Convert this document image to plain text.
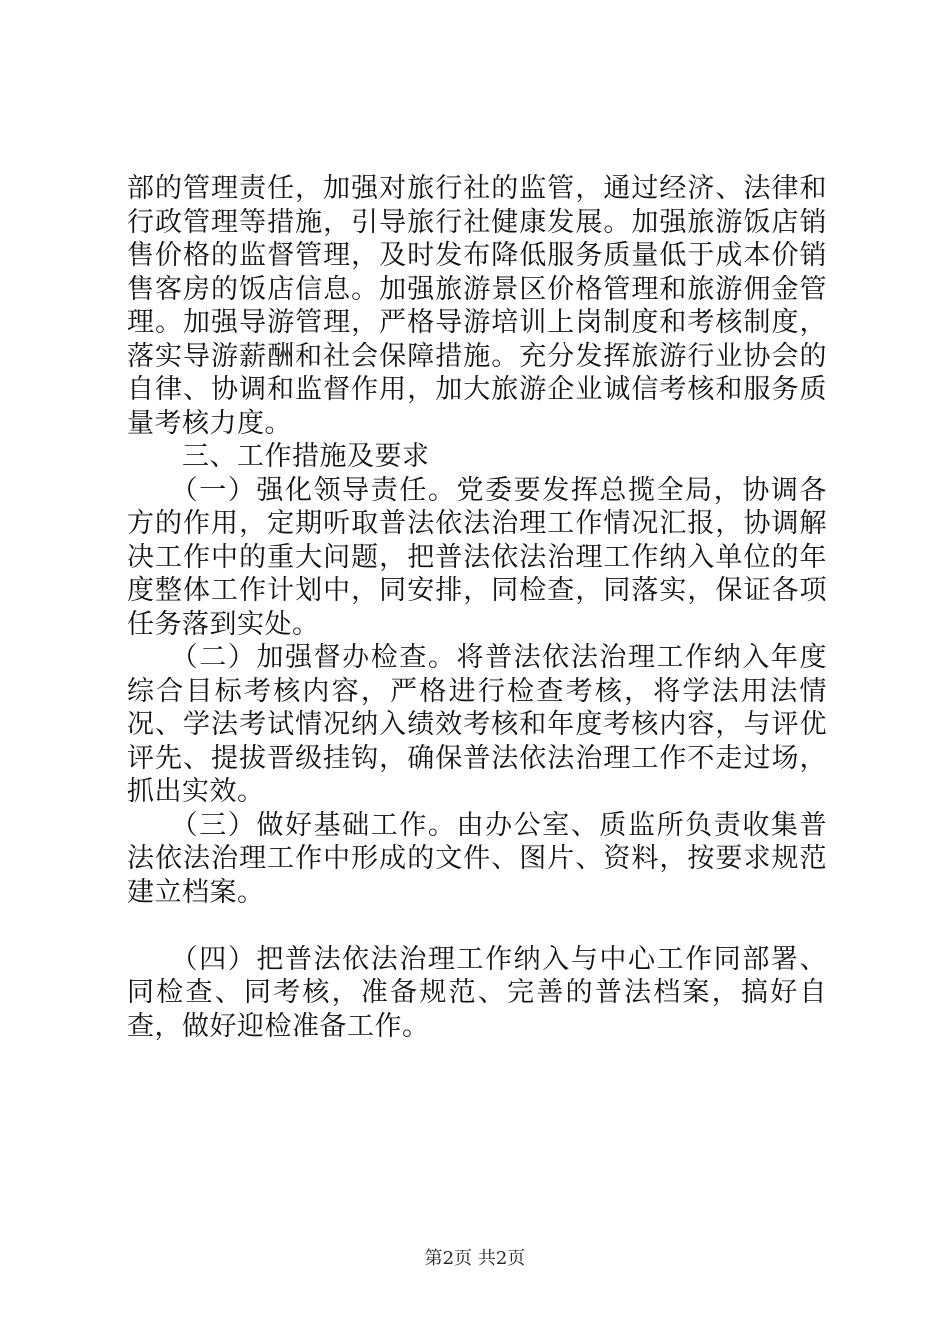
部的管理责任，加强对旅行社的监管，通过经济、法律和行政管理等措施，引导旅行社健康发展。加强旅游饭店销售价格的监督管理，及时发布降低服务质量低于成本价销售客房的饭店信息。加强旅游景区价格管理和旅游佣金管理。加强导游管理，严格导游培训上岗制度和考核制度，落实导游薪酬和社会保障措施。充分发挥旅游行业协会的自律、协调和监督作用，加大旅游企业诚信考核和服务质量考核力度。

　　三、工作措施及要求

　　（一）强化领导责任。党委要发挥总揽全局，协调各方的作用，定期听取普法依法治理工作情况汇报，协调解决工作中的重大问题，把普法依法治理工作纳入单位的年度整体工作计划中，同安排，同检查，同落实，保证各项任务落到实处。

　　（二）加强督办检查。将普法依法治理工作纳入年度综合目标考核内容，严格进行检查考核，将学法用法情况、学法考试情况纳入绩效考核和年度考核内容，与评优评先、提拔晋级挂钩，确保普法依法治理工作不走过场，抓出实效。

　　（三）做好基础工作。由办公室、质监所负责收集普法依法治理工作中形成的文件、图片、资料，按要求规范建立档案。

　　（四）把普法依法治理工作纳入与中心工作同部署、同检查、同考核，准备规范、完善的普法档案，搞好自查，做好迎检准备工作。

第2页 共2页
